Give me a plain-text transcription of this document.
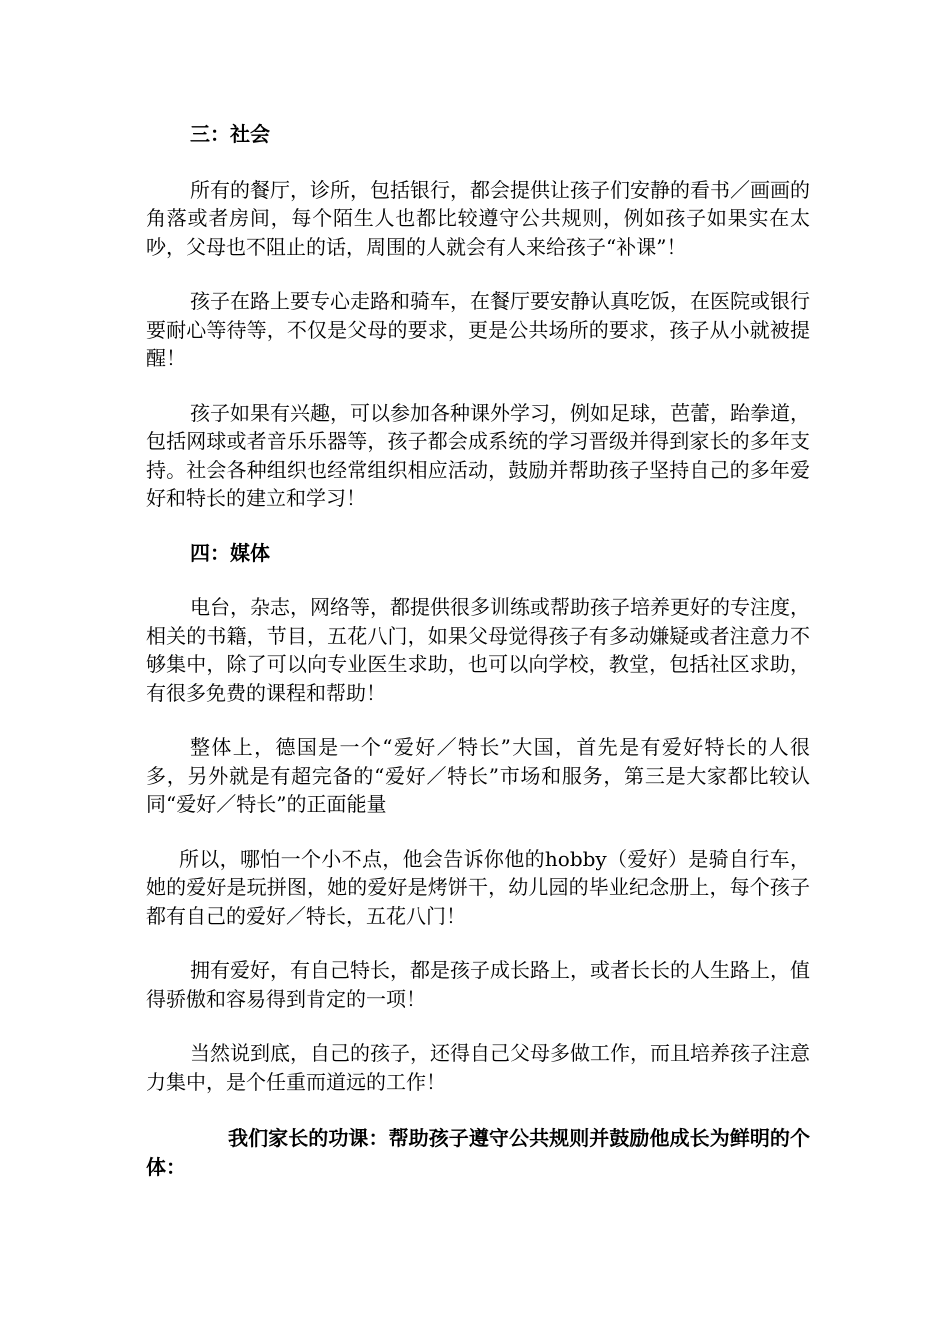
三：社会

所有的餐厅，诊所，包括银行，都会提供让孩子们安静的看书／画画的角落或者房间，每个陌生人也都比较遵守公共规则，例如孩子如果实在太吵，父母也不阻止的话，周围的人就会有人来给孩子“补课”！

孩子在路上要专心走路和骑车，在餐厅要安静认真吃饭，在医院或银行要耐心等待等，不仅是父母的要求，更是公共场所的要求，孩子从小就被提醒！

孩子如果有兴趣，可以参加各种课外学习，例如足球，芭蕾，跆拳道，包括网球或者音乐乐器等，孩子都会成系统的学习晋级并得到家长的多年支持。社会各种组织也经常组织相应活动，鼓励并帮助孩子坚持自己的多年爱好和特长的建立和学习！

四：媒体

电台，杂志，网络等，都提供很多训练或帮助孩子培养更好的专注度，相关的书籍，节目，五花八门，如果父母觉得孩子有多动嫌疑或者注意力不够集中，除了可以向专业医生求助，也可以向学校，教堂，包括社区求助，有很多免费的课程和帮助！

整体上，德国是一个“爱好／特长”大国，首先是有爱好特长的人很多，另外就是有超完备的“爱好／特长”市场和服务，第三是大家都比较认同“爱好／特长”的正面能量

所以，哪怕一个小不点，他会告诉你他的hobby（爱好）是骑自行车，她的爱好是玩拼图，她的爱好是烤饼干，幼儿园的毕业纪念册上，每个孩子都有自己的爱好／特长，五花八门！

拥有爱好，有自己特长，都是孩子成长路上，或者长长的人生路上，值得骄傲和容易得到肯定的一项！

当然说到底，自己的孩子，还得自己父母多做工作，而且培养孩子注意力集中，是个任重而道远的工作！

我们家长的功课：帮助孩子遵守公共规则并鼓励他成长为鲜明的个体：
